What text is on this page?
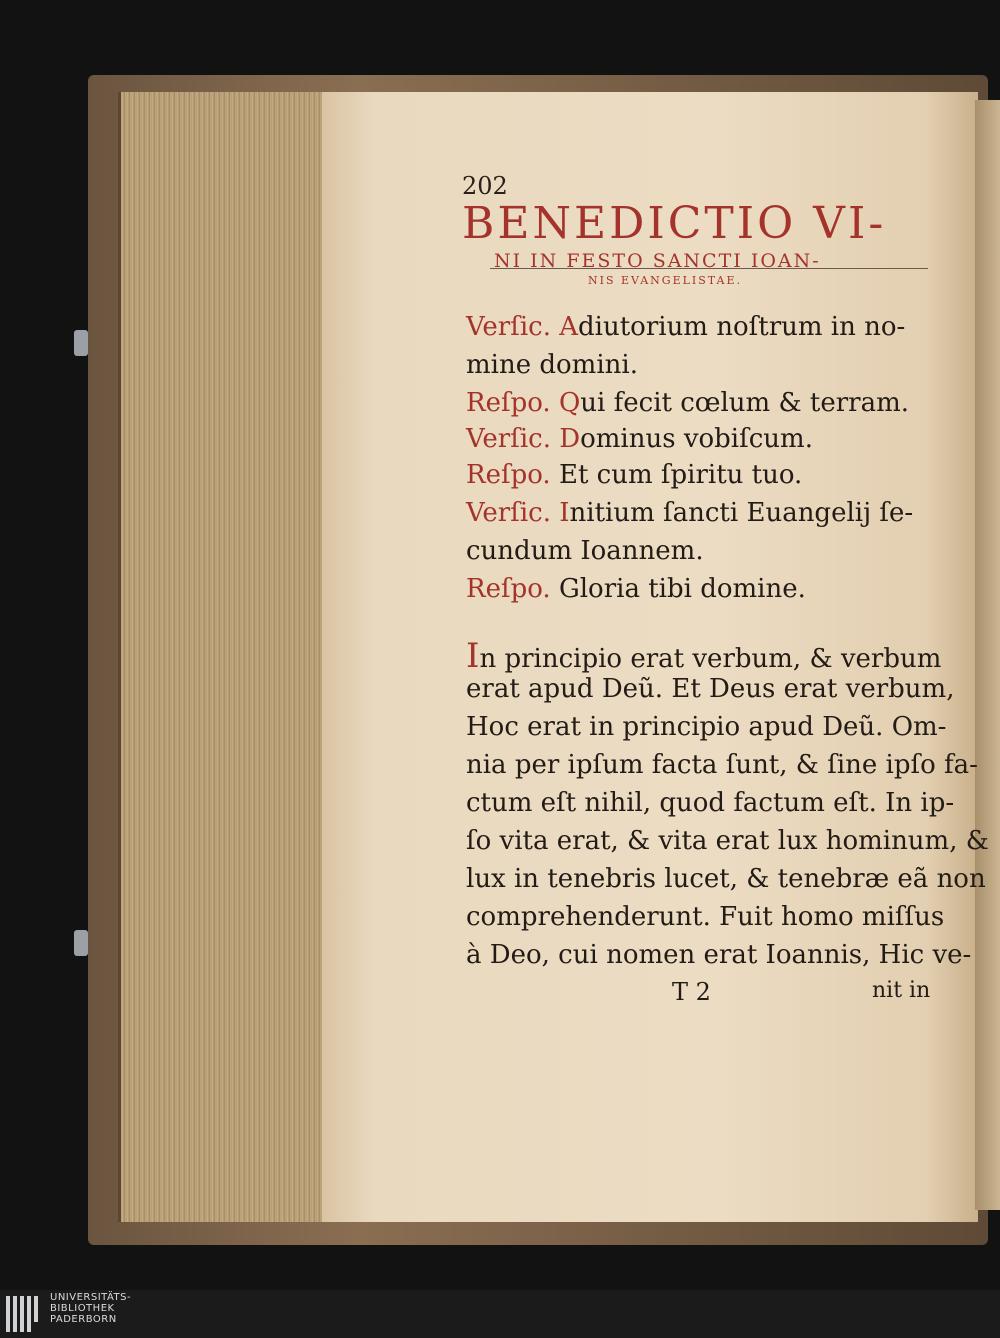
202
BENEDICTIO VI-
NI IN FESTO SANCTI IOAN-
NIS EVANGELISTAE.
Verſic. Adiutorium noſtrum in no-
mine domini.
Reſpo. Qui fecit cœlum & terram.
Verſic. Dominus vobiſcum.
Reſpo. Et cum ſpiritu tuo.
Verſic. Initium ſancti Euangelij ſe-
cundum Ioannem.
Reſpo. Gloria tibi domine.
In principio erat verbum, & verbum
erat apud Deũ. Et Deus erat verbum,
Hoc erat in principio apud Deũ. Om-
nia per ipſum facta ſunt, & ſine ipſo fa-
ctum eſt nihil, quod factum eſt. In ip-
ſo vita erat, & vita erat lux hominum, &
lux in tenebris lucet, & tenebræ eã non
comprehenderunt. Fuit homo miſſus
à Deo, cui nomen erat Ioannis, Hic ve-
T 2	nit in
UNIVERSITÄTS-
BIBLIOTHEK
PADERBORN
